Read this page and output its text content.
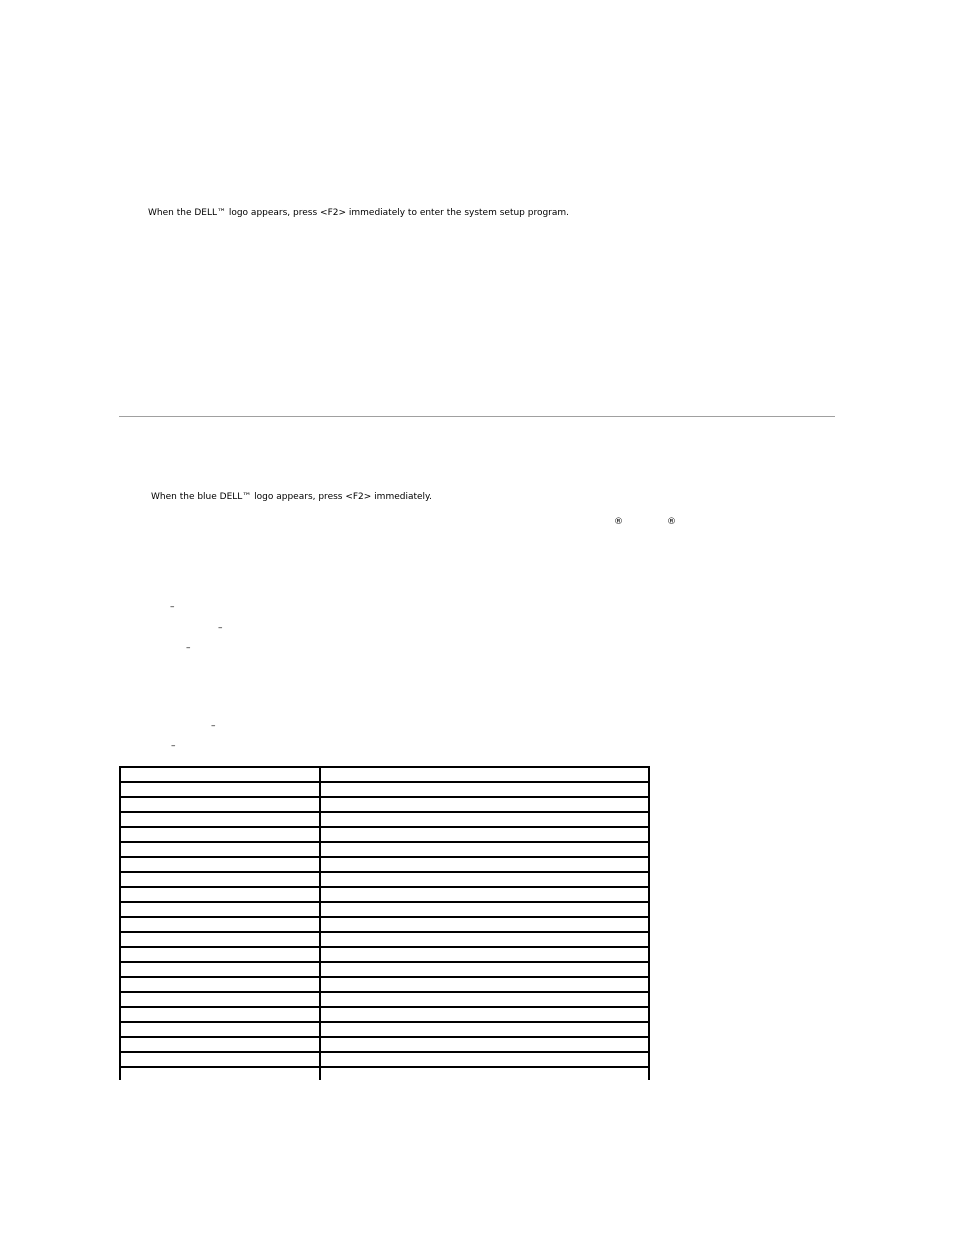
When the DELL™ logo appears, press <F2> immediately to enter the system setup program.
When the blue DELL™ logo appears, press <F2> immediately.
®	®
–
–
–
–
–
